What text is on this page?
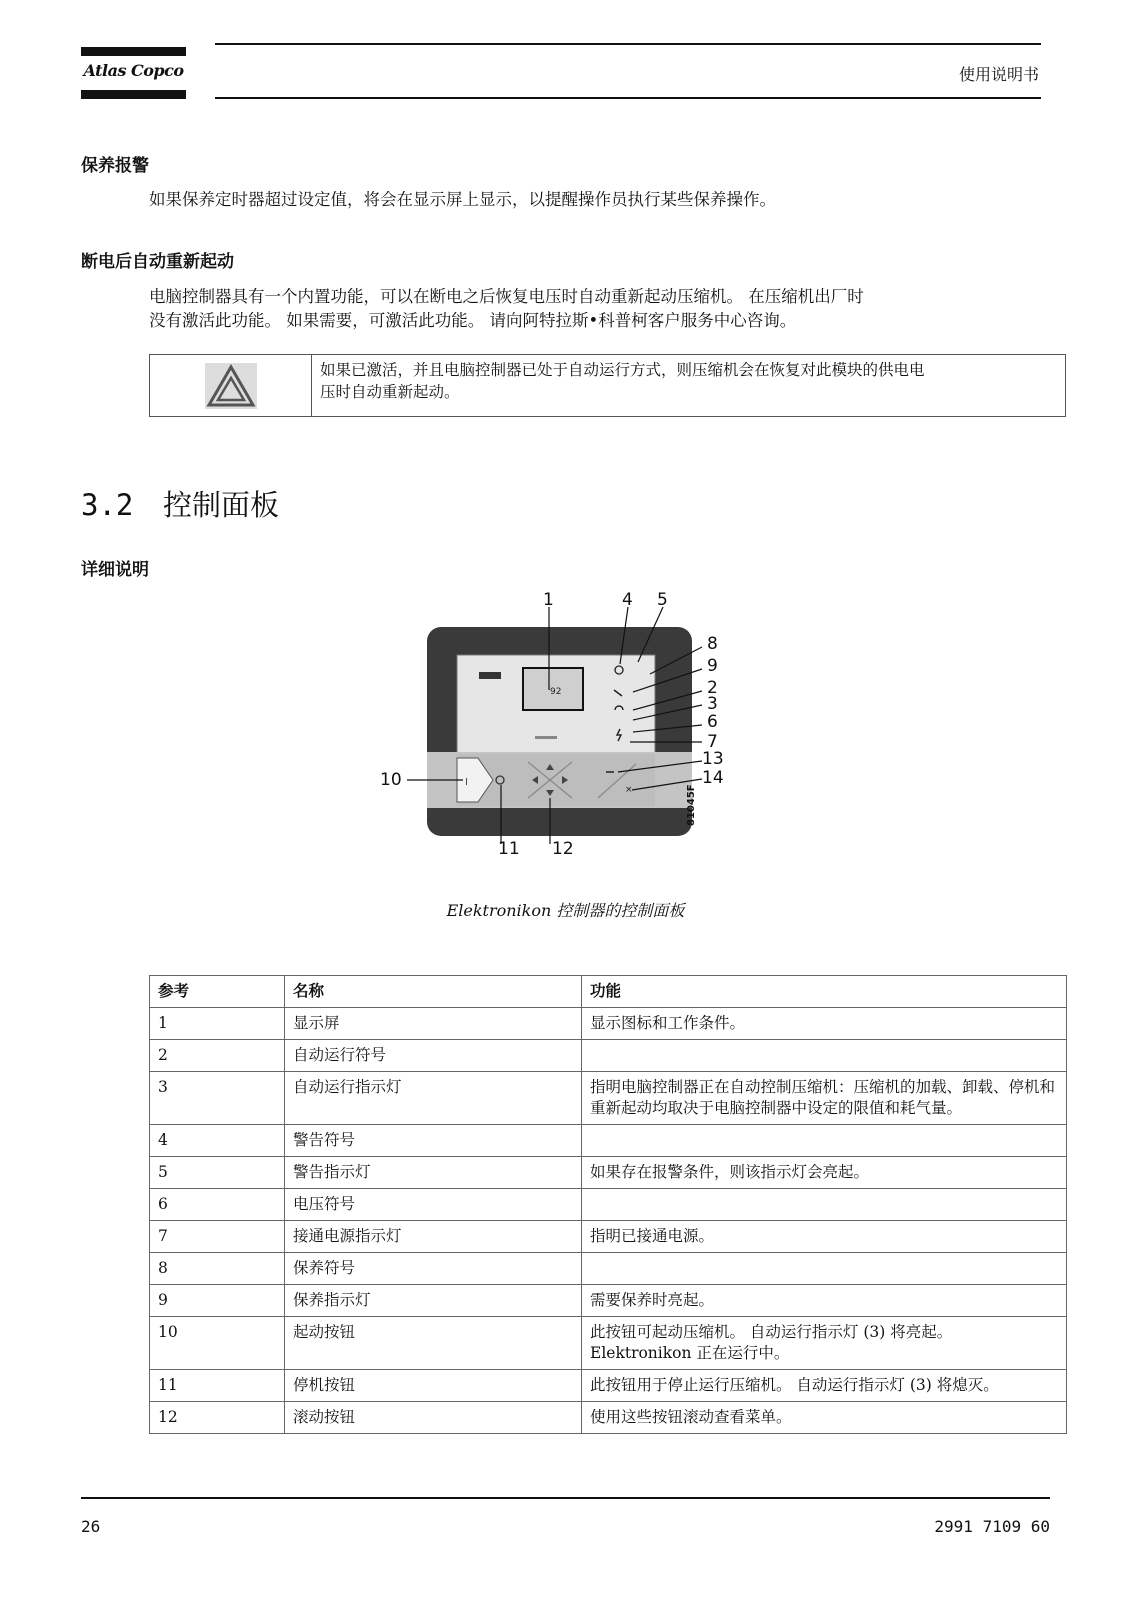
Atlas Copco	使用说明书
保养报警

如果保养定时器超过设定值，将会在显示屏上显示，以提醒操作员执行某些保养操作。

断电后自动重新起动

电脑控制器具有一个内置功能，可以在断电之后恢复电压时自动重新起动压缩机。 在压缩机出厂时

没有激活此功能。 如果需要，可激活此功能。 请向阿特拉斯•科普柯客户服务中心咨询。

如果已激活，并且电脑控制器已处于自动运行方式，则压缩机会在恢复对此模块的供电电
压时自动重新起动。
3.2 控制面板
详细说明
92
I
×
1	4 5
8
9
2
3
6
7
10
13
14
11 12
81045F
Elektronikon 控制器的控制面板
参考	名称	功能
1	显示屏	显示图标和工作条件。
2	自动运行符号	
3	自动运行指示灯	指明电脑控制器正在自动控制压缩机：压缩机的加载、卸载、停机和重新起动均取决于电脑控制器中设定的限值和耗气量。
4	警告符号	
5	警告指示灯	如果存在报警条件，则该指示灯会亮起。
6	电压符号	
7	接通电源指示灯	指明已接通电源。
8	保养符号	
9	保养指示灯	需要保养时亮起。
10	起动按钮	此按钮可起动压缩机。 自动运行指示灯 (3) 将亮起。 Elektronikon 正在运行中。
11	停机按钮	此按钮用于停止运行压缩机。 自动运行指示灯 (3) 将熄灭。
12	滚动按钮	使用这些按钮滚动查看菜单。
26	2991 7109 60
